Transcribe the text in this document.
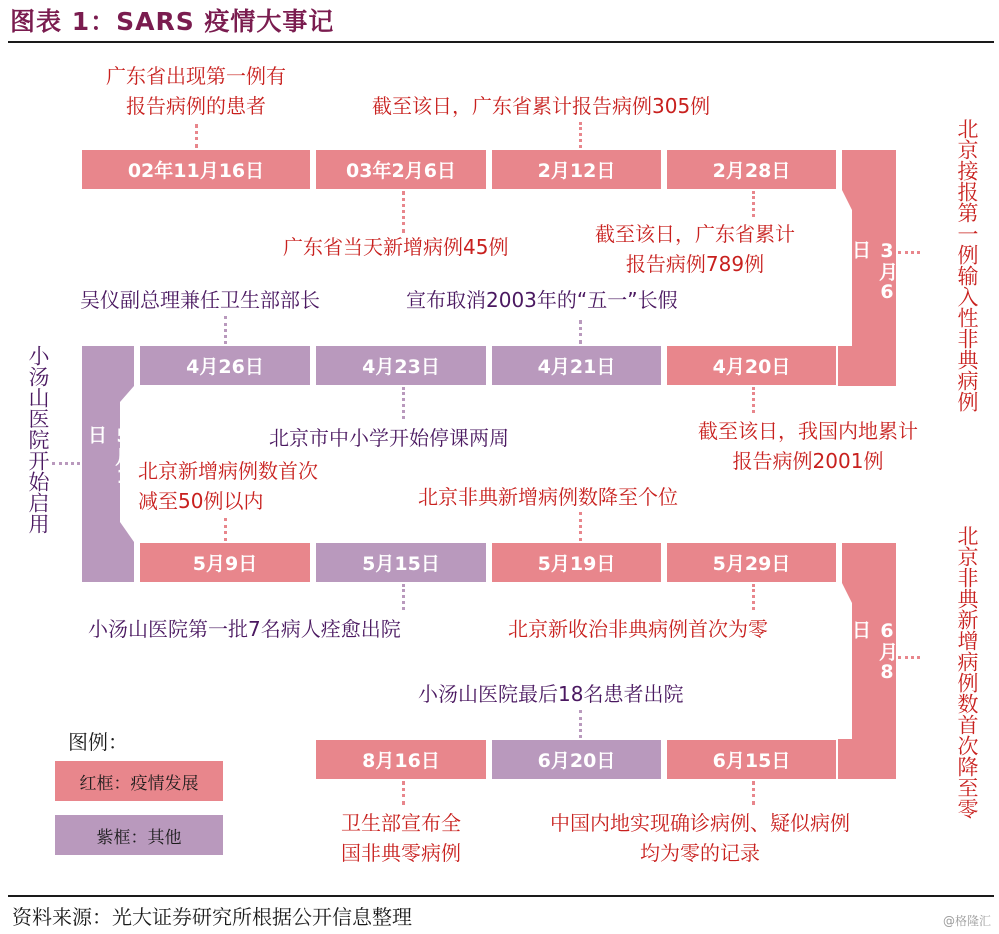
图表 1：SARS 疫情大事记
02年11月16日	03年2月6日	2月12日	2月28日
3月6日
4月26日	4月23日	4月21日	4月20日
5月1日
5月9日	5月15日	5月19日	5月29日
6月8日
8月16日	6月20日	6月15日
广东省出现第一例有
报告病例的患者	截至该日，广东省累计报告病例305例
广东省当天新增病例45例
截至该日，广东省累计
报告病例789例	北京接报第一例输入性非典病例
吴仪副总理兼任卫生部部长	宣布取消2003年的“五一”长假
北京市中小学开始停课两周	截至该日，我国内地累计
报告病例2001例
小汤山医院开始启用	北京新增病例数首次
减至50例以内	北京非典新增病例数降至个位
小汤山医院第一批7名病人痊愈出院	北京新收治非典病例首次为零	北京非典新增病例数首次降至零
小汤山医院最后18名患者出院
卫生部宣布全
国非典零病例
中国内地实现确诊病例、疑似病例
均为零的记录
图例：
红框：疫情发展
紫框：其他
资料来源：光大证券研究所根据公开信息整理	@格隆汇
